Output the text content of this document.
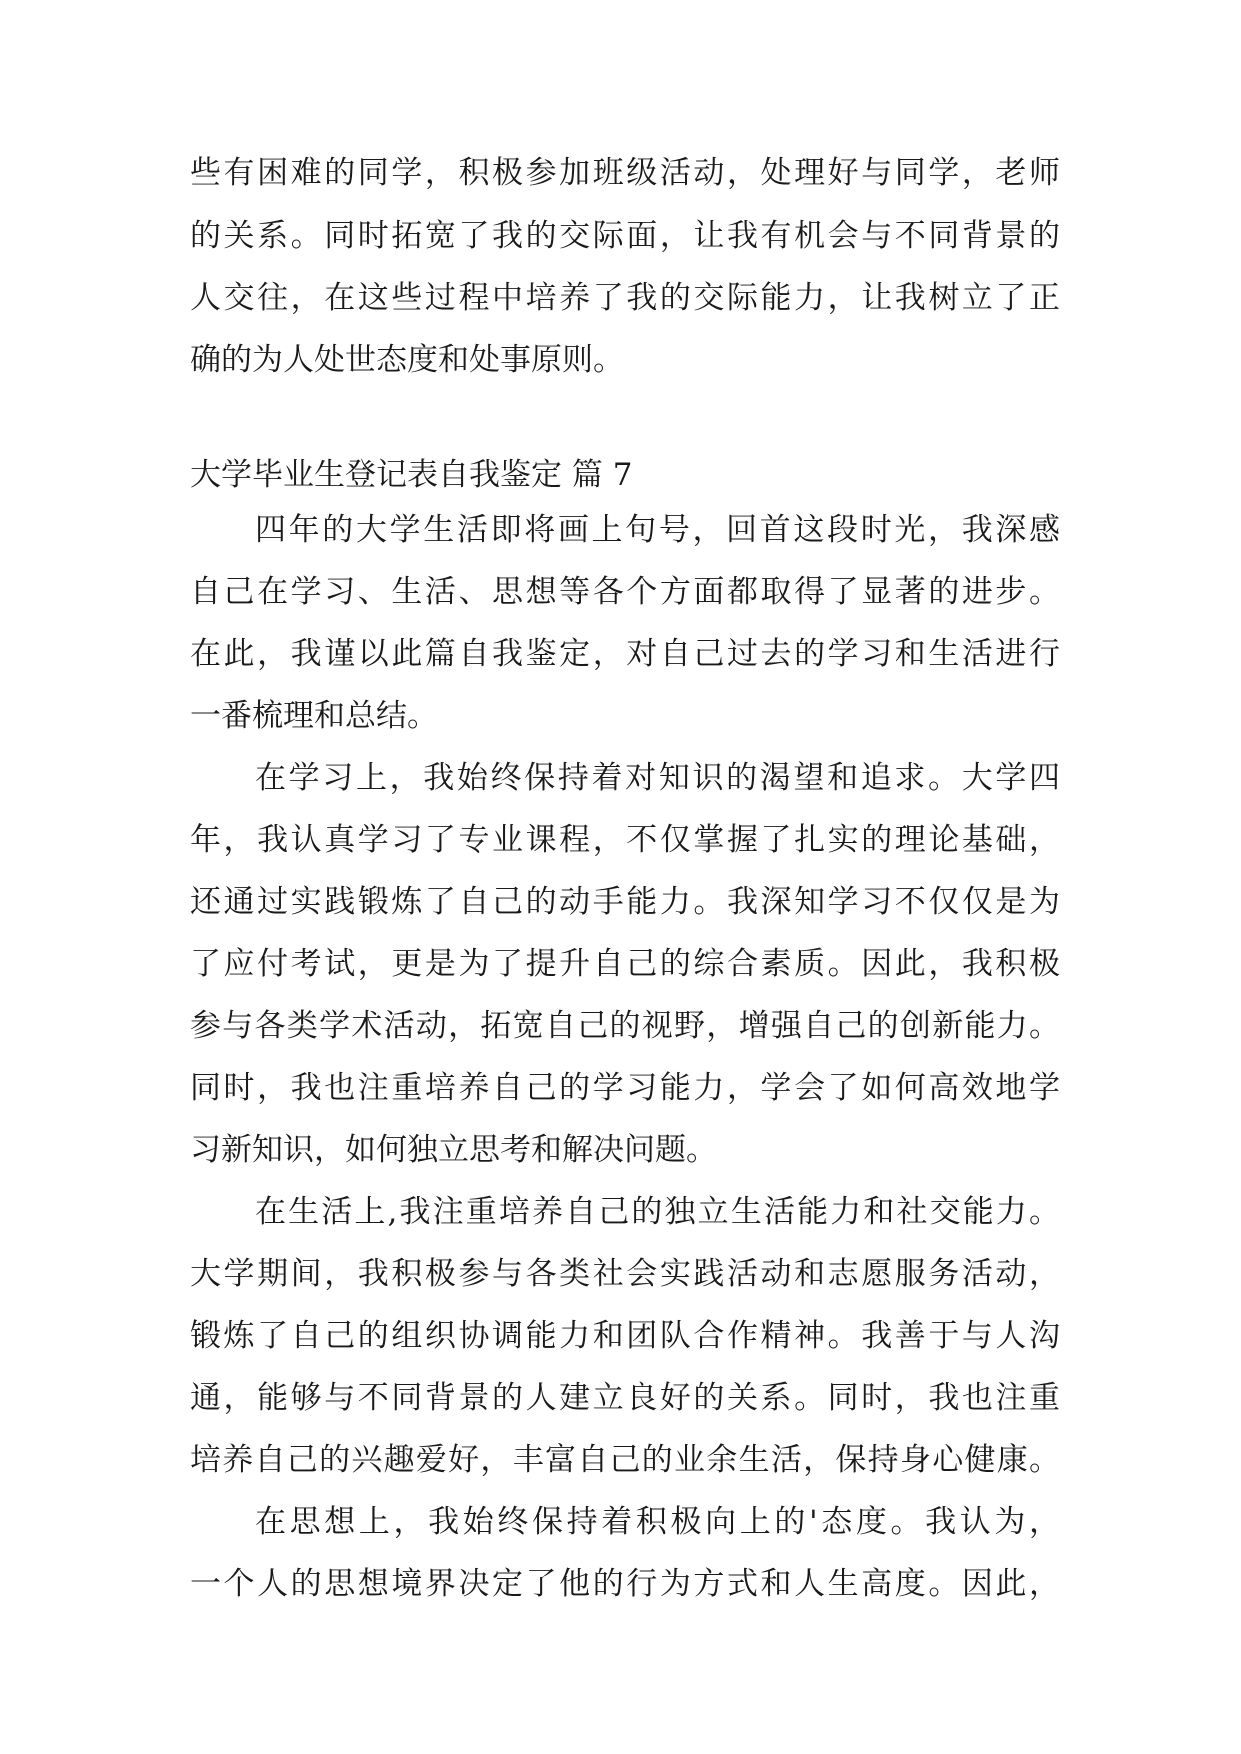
些有困难的同学，积极参加班级活动，处理好与同学，老师
的关系。同时拓宽了我的交际面，让我有机会与不同背景的
人交往，在这些过程中培养了我的交际能力，让我树立了正
确的为人处世态度和处事原则。
大学毕业生登记表自我鉴定 篇 7
四年的大学生活即将画上句号，回首这段时光，我深感
自己在学习、生活、思想等各个方面都取得了显著的进步。
在此，我谨以此篇自我鉴定，对自己过去的学习和生活进行
一番梳理和总结。
在学习上，我始终保持着对知识的渴望和追求。大学四
年，我认真学习了专业课程，不仅掌握了扎实的理论基础，
还通过实践锻炼了自己的动手能力。我深知学习不仅仅是为
了应付考试，更是为了提升自己的综合素质。因此，我积极
参与各类学术活动，拓宽自己的视野，增强自己的创新能力。
同时，我也注重培养自己的学习能力，学会了如何高效地学
习新知识，如何独立思考和解决问题。
在生活上,我注重培养自己的独立生活能力和社交能力。
大学期间，我积极参与各类社会实践活动和志愿服务活动，
锻炼了自己的组织协调能力和团队合作精神。我善于与人沟
通，能够与不同背景的人建立良好的关系。同时，我也注重
培养自己的兴趣爱好，丰富自己的业余生活，保持身心健康。
在思想上，我始终保持着积极向上的'态度。我认为，
一个人的思想境界决定了他的行为方式和人生高度。因此，
